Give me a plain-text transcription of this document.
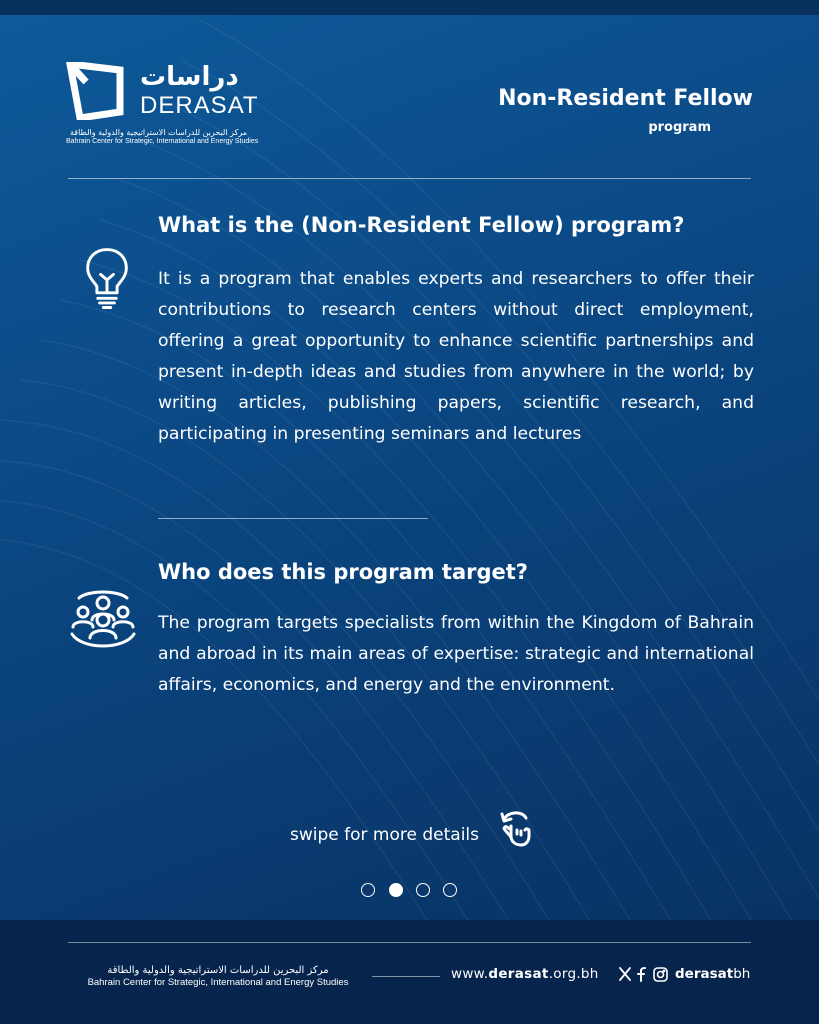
دراسات
DERASAT
مركز البحرين للدراسات الاستراتيجية والدولية والطاقة
Bahrain Center for Strategic, International and Energy Studies
Non-Resident Fellow
program
What is the (Non-Resident Fellow) program?
It is a program that enables experts and researchers to offer their contributions to research centers without direct employment, offering a great opportunity to enhance scientific partnerships and present in-depth ideas and studies from anywhere in the world; by writing articles, publishing papers, scientific research, and participating in presenting seminars and lectures
Who does this program target?
The program targets specialists from within the Kingdom of Bahrain and abroad in its main areas of expertise: strategic and international affairs, economics, and energy and the environment.
swipe for more details
مركز البحرين للدراسات الاستراتيجية والدولية والطاقة
Bahrain Center for Strategic, International and Energy Studies
www.derasat.org.bh	derasatbh
